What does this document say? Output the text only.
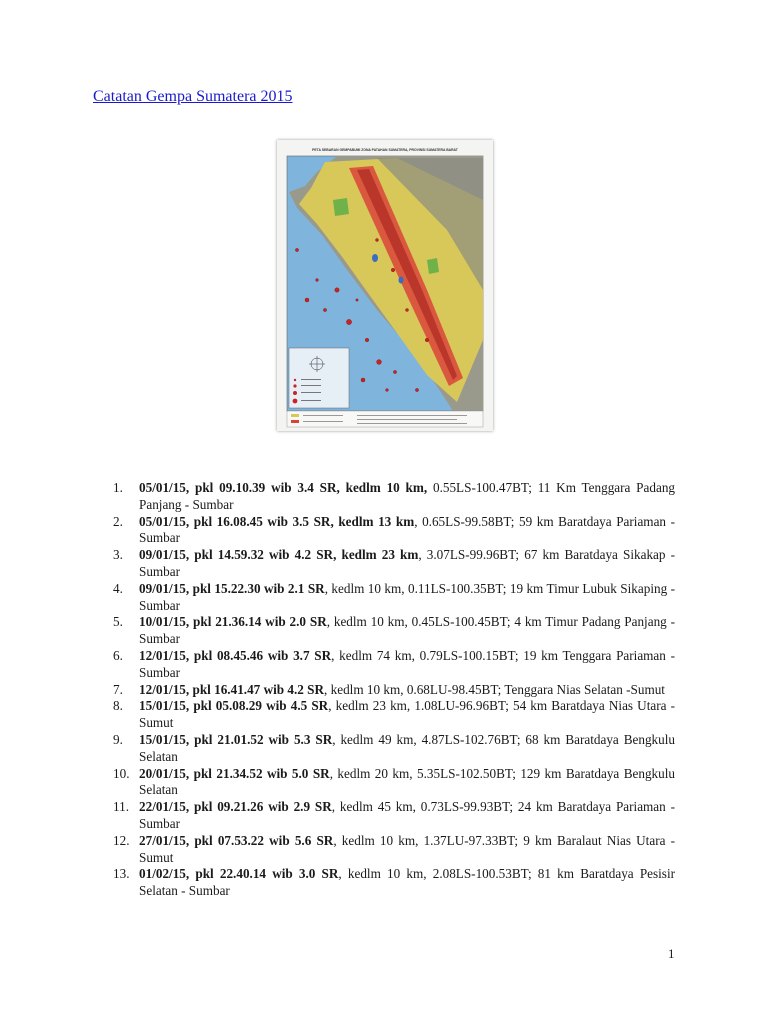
Catatan Gempa Sumatera 2015
PETA SEBARAN GEMPABUMI ZONA PATAHAN SUMATERA, PROVINSI SUMATERA BARAT
1. 05/01/15, pkl 09.10.39 wib 3.4 SR, kedlm 10 km, 0.55LS-100.47BT; 11 Km Tenggara Padang Panjang - Sumbar
2. 05/01/15, pkl 16.08.45 wib 3.5 SR, kedlm 13 km, 0.65LS-99.58BT; 59 km Baratdaya Pariaman - Sumbar
3. 09/01/15, pkl 14.59.32 wib 4.2 SR, kedlm 23 km, 3.07LS-99.96BT; 67 km Baratdaya Sikakap - Sumbar
4. 09/01/15, pkl 15.22.30 wib 2.1 SR, kedlm 10 km, 0.11LS-100.35BT; 19 km Timur Lubuk Sikaping - Sumbar
5. 10/01/15, pkl 21.36.14 wib 2.0 SR, kedlm 10 km, 0.45LS-100.45BT; 4 km Timur Padang Panjang - Sumbar
6. 12/01/15, pkl 08.45.46 wib 3.7 SR, kedlm 74 km, 0.79LS-100.15BT; 19 km Tenggara Pariaman - Sumbar
7. 12/01/15, pkl 16.41.47 wib 4.2 SR, kedlm 10 km, 0.68LU-98.45BT; Tenggara Nias Selatan -Sumut
8. 15/01/15, pkl 05.08.29 wib 4.5 SR, kedlm 23 km, 1.08LU-96.96BT; 54 km Baratdaya Nias Utara - Sumut
9. 15/01/15, pkl 21.01.52 wib 5.3 SR, kedlm 49 km, 4.87LS-102.76BT; 68 km Baratdaya Bengkulu Selatan
10. 20/01/15, pkl 21.34.52 wib 5.0 SR, kedlm 20 km, 5.35LS-102.50BT; 129 km Baratdaya Bengkulu Selatan
11. 22/01/15, pkl 09.21.26 wib 2.9 SR, kedlm 45 km, 0.73LS-99.93BT; 24 km Baratdaya Pariaman - Sumbar
12. 27/01/15, pkl 07.53.22 wib 5.6 SR, kedlm 10 km, 1.37LU-97.33BT; 9 km Baralaut Nias Utara - Sumut
13. 01/02/15, pkl 22.40.14 wib 3.0 SR, kedlm 10 km, 2.08LS-100.53BT; 81 km Baratdaya Pesisir Selatan - Sumbar
1
